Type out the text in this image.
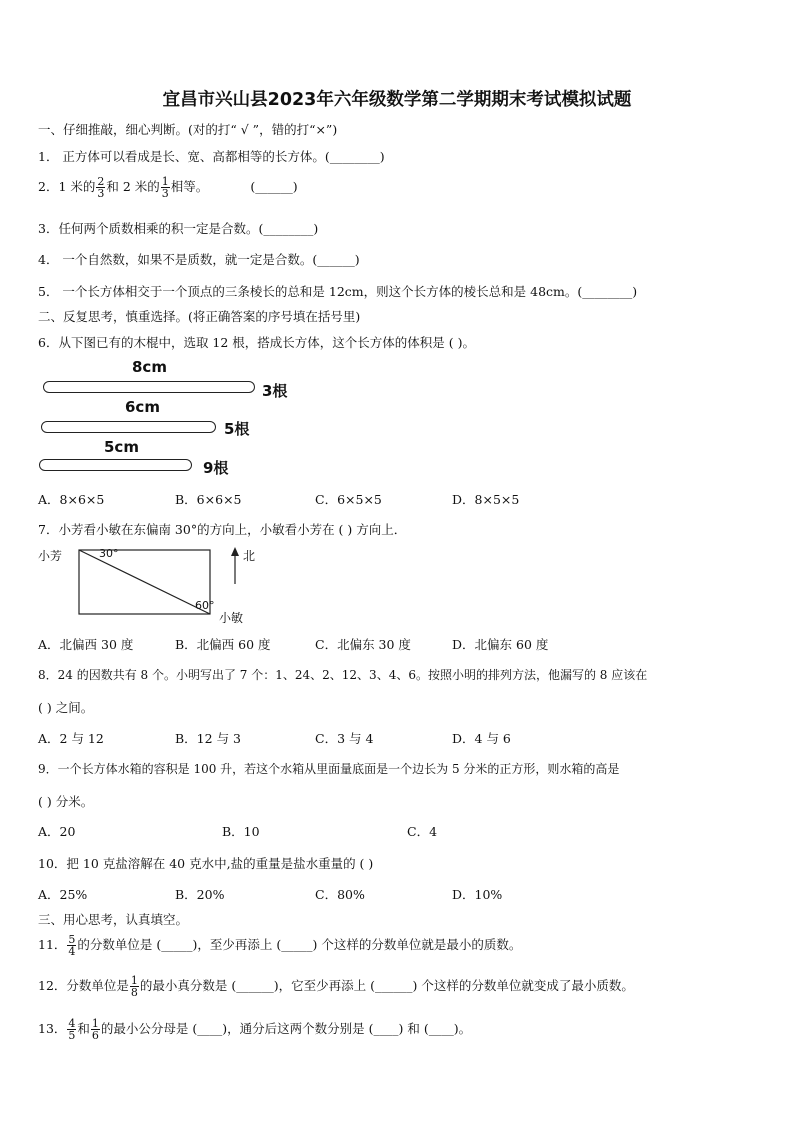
宜昌市兴山县2023年六年级数学第二学期期末考试模拟试题
一、仔细推敲，细心判断。(对的打“ √ ”，错的打“×”)
1． 正方体可以看成是长、宽、高都相等的长方体。(________)
2．1 米的 $\frac{2}{3}$ 和 2 米的 $\frac{1}{3}$ 相等。	(______)
3．任何两个质数相乘的积一定是合数。(________)
4． 一个自然数，如果不是质数，就一定是合数。(______)
5． 一个长方体相交于一个顶点的三条棱长的总和是 12cm，则这个长方体的棱长总和是 48cm。(________)
二、反复思考，慎重选择。(将正确答案的序号填在括号里)
6．从下图已有的木棍中，选取 12 根，搭成长方体，这个长方体的体积是 ( )。
8cm
3根
6cm
5根
5cm
9根
A．8×6×5	B．6×6×5	C．6×5×5	D．8×5×5
7．小芳看小敏在东偏南 30°的方向上，小敏看小芳在 ( ) 方向上．
小芳	30°	北
60°
小敏
A．北偏西 30 度	B．北偏西 60 度	C．北偏东 30 度	D．北偏东 60 度
8．24 的因数共有 8 个。小明写出了 7 个：1、24、2、12、3、4、6。按照小明的排列方法，他漏写的 8 应该在
( ) 之间。
A．2 与 12	B．12 与 3	C．3 与 4	D．4 与 6
9．一个长方体水箱的容积是 100 升，若这个水箱从里面量底面是一个边长为 5 分米的正方形，则水箱的高是
( ) 分米。
A．20	B．10	C．4
10．把 10 克盐溶解在 40 克水中,盐的重量是盐水重量的 ( )
A．25%	B．20%	C．80%	D．10%
三、用心思考，认真填空。
11． $\frac{5}{4}$ 的分数单位是 (_____)，至少再添上 (_____) 个这样的分数单位就是最小的质数。
12．分数单位是 $\frac{1}{8}$ 的最小真分数是 (______)，它至少再添上 (______) 个这样的分数单位就变成了最小质数。
13． $\frac{4}{5}$ 和 $\frac{1}{6}$ 的最小公分母是 (____)，通分后这两个数分别是 (____) 和 (____)。
